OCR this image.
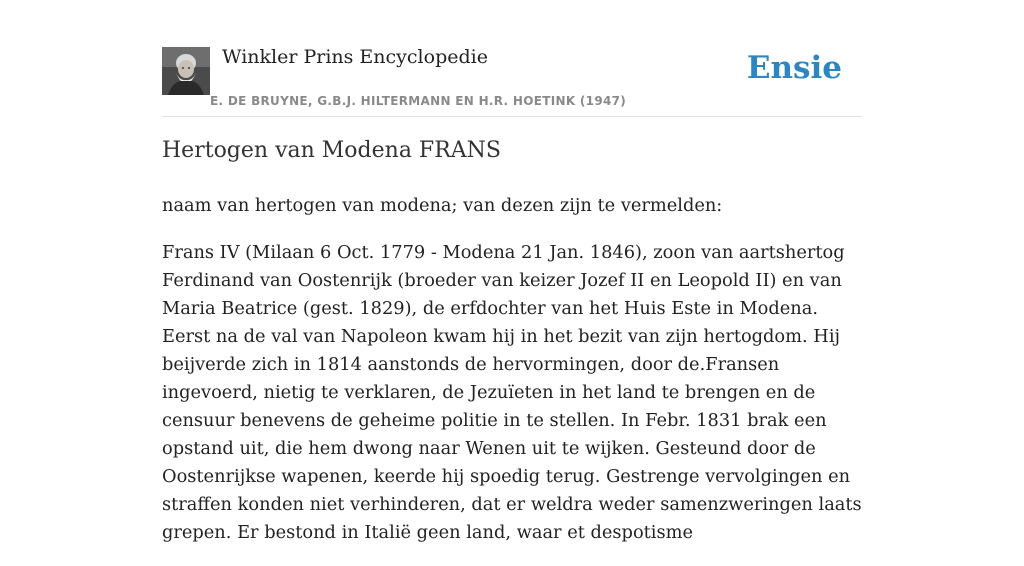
Winkler Prins Encyclopedie
E. DE BRUYNE, G.B.J. HILTERMANN EN H.R. HOETINK (1947)
Ensie
Hertogen van Modena FRANS

naam van hertogen van modena; van dezen zijn te vermelden:

Frans IV (Milaan 6 Oct. 1779 - Modena 21 Jan. 1846), zoon van aartshertog Ferdinand van Oostenrijk (broeder van keizer Jozef II en Leopold II) en van Maria Beatrice (gest. 1829), de erfdochter van het Huis Este in Modena. Eerst na de val van Napoleon kwam hij in het bezit van zijn hertogdom. Hij beijverde zich in 1814 aanstonds de hervormingen, door de.Fransen ingevoerd, nietig te verklaren, de Jezuïeten in het land te brengen en de censuur benevens de geheime politie in te stellen. In Febr. 1831 brak een opstand uit, die hem dwong naar Wenen uit te wijken. Gesteund door de Oostenrijkse wapenen, keerde hij spoedig terug. Gestrenge vervolgingen en straffen konden niet verhinderen, dat er weldra weder samenzweringen laats grepen. Er bestond in Italië geen land, waar et despotisme
